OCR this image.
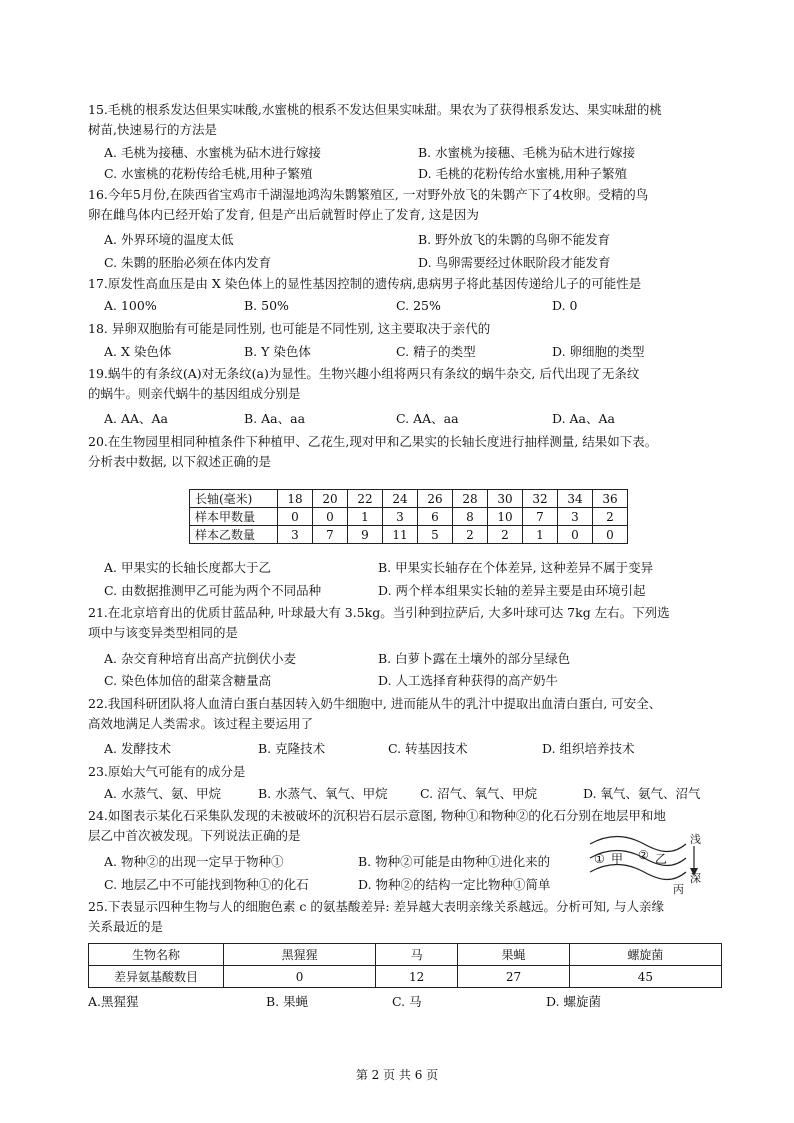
15.毛桃的根系发达但果实味酸,水蜜桃的根系不发达但果实味甜。果农为了获得根系发达、果实味甜的桃
树苗,快速易行的方法是
A. 毛桃为接穗、水蜜桃为砧木进行嫁接	B. 水蜜桃为接穗、毛桃为砧木进行嫁接
C. 水蜜桃的花粉传给毛桃,用种子繁殖	D. 毛桃的花粉传给水蜜桃,用种子繁殖
16.今年5月份,在陕西省宝鸡市千湖湿地鸿沟朱鹮繁殖区, 一对野外放飞的朱鹮产下了4枚卵。受精的鸟
卵在雌鸟体内已经开始了发育, 但是产出后就暂时停止了发育, 这是因为
A. 外界环境的温度太低	B. 野外放飞的朱鹮的鸟卵不能发育
C. 朱鹮的胚胎必须在体内发育	D. 鸟卵需要经过休眠阶段才能发育
17.原发性高血压是由 X 染色体上的显性基因控制的遗传病,患病男子将此基因传递给儿子的可能性是
A. 100%	B. 50%	C. 25%	D. 0
18. 异卵双胞胎有可能是同性别, 也可能是不同性别, 这主要取决于亲代的
A. X 染色体	B. Y 染色体	C. 精子的类型	D. 卵细胞的类型
19.蜗牛的有条纹(A)对无条纹(a)为显性。生物兴趣小组将两只有条纹的蜗牛杂交, 后代出现了无条纹
的蜗牛。则亲代蜗牛的基因组成分别是
A. AA、Aa	B. Aa、aa	C. AA、aa	D. Aa、Aa
20.在生物园里相同种植条件下种植甲、乙花生,现对甲和乙果实的长轴长度进行抽样测量, 结果如下表。
分析表中数据, 以下叙述正确的是
长轴(毫米)	18	20	22	24	26	28	30	32	34	36
样本甲数量	0	0	1	3	6	8	10	7	3	2
样本乙数量	3	7	9	11	5	2	2	1	0	0
A. 甲果实的长轴长度都大于乙	B. 甲果实长轴存在个体差异, 这种差异不属于变异
C. 由数据推测甲乙可能为两个不同品种	D. 两个样本组果实长轴的差异主要是由环境引起
21.在北京培育出的优质甘蓝品种, 叶球最大有 3.5kg。当引种到拉萨后, 大多叶球可达 7kg 左右。下列选
项中与该变异类型相同的是
A. 杂交育种培育出高产抗倒伏小麦	B. 白萝卜露在土壤外的部分呈绿色
C. 染色体加倍的甜菜含糖量高	D. 人工选择育种获得的高产奶牛
22.我国科研团队将人血清白蛋白基因转入奶牛细胞中, 进而能从牛的乳汁中提取出血清白蛋白, 可安全、
高效地满足人类需求。该过程主要运用了
A. 发酵技术	B. 克隆技术	C. 转基因技术	D. 组织培养技术
23.原始大气可能有的成分是
A. 水蒸气、氨、甲烷	B. 水蒸气、氧气、甲烷	C. 沼气、氧气、甲烷	D. 氧气、氨气、沼气
24.如图表示某化石采集队发现的未被破坏的沉积岩石层示意图, 物种①和物种②的化石分别在地层甲和地
层乙中首次被发现。下列说法正确的是
A. 物种②的出现一定早于物种①	B. 物种②可能是由物种①进化来的
C. 地层乙中不可能找到物种①的化石	D. 物种②的结构一定比物种①简单
浅
深
① 甲 ② 乙
丙
25.下表显示四种生物与人的细胞色素 c 的氨基酸差异: 差异越大表明亲缘关系越远。分析可知, 与人亲缘
关系最近的是
生物名称	黑猩猩	马	果蝇	螺旋菌
差异氨基酸数目	0	12	27	45
A.黑猩猩	B. 果蝇	C. 马	D. 螺旋菌
第 2 页 共 6 页
